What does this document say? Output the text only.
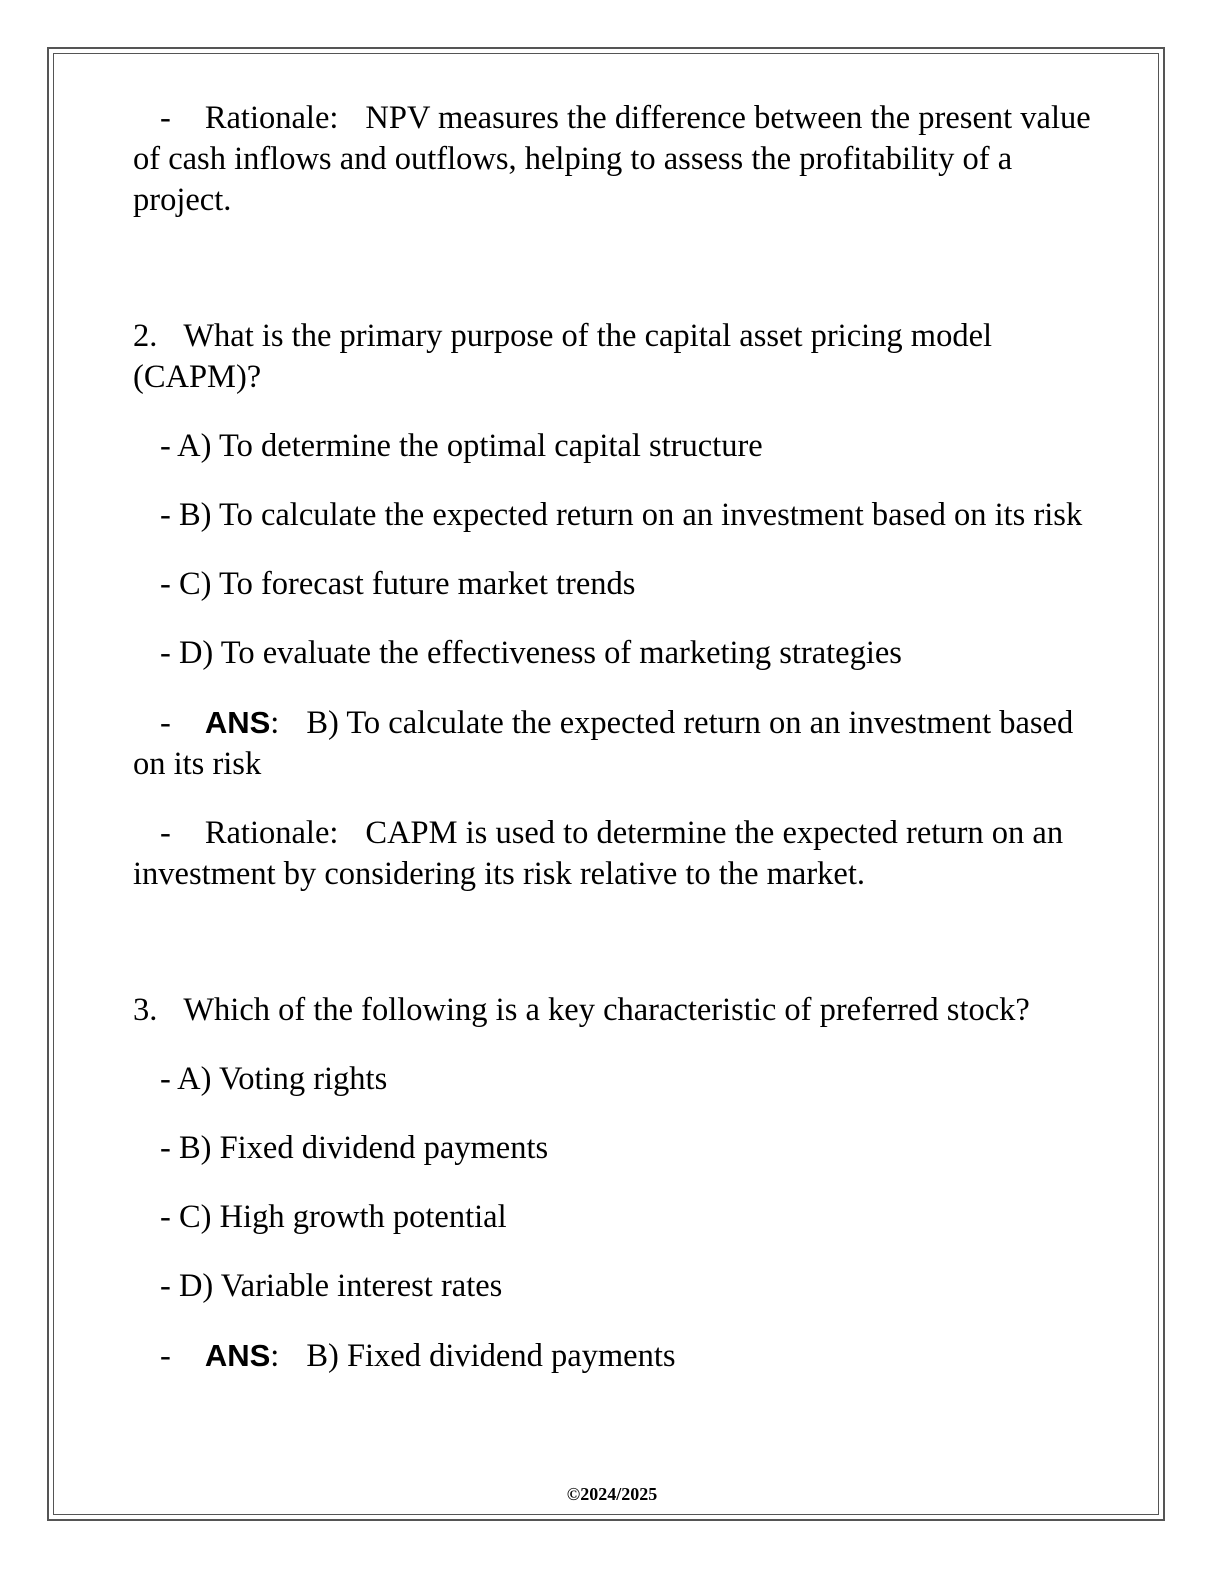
- Rationale: NPV measures the difference between the present value of cash inflows and outflows, helping to assess the profitability of a project.

2. What is the primary purpose of the capital asset pricing model (CAPM)?

- A) To determine the optimal capital structure

- B) To calculate the expected return on an investment based on its risk

- C) To forecast future market trends

- D) To evaluate the effectiveness of marketing strategies

- ANS: B) To calculate the expected return on an investment based on its risk

- Rationale: CAPM is used to determine the expected return on an investment by considering its risk relative to the market.

3. Which of the following is a key characteristic of preferred stock?

- A) Voting rights

- B) Fixed dividend payments

- C) High growth potential

- D) Variable interest rates

- ANS: B) Fixed dividend payments

©2024/2025
